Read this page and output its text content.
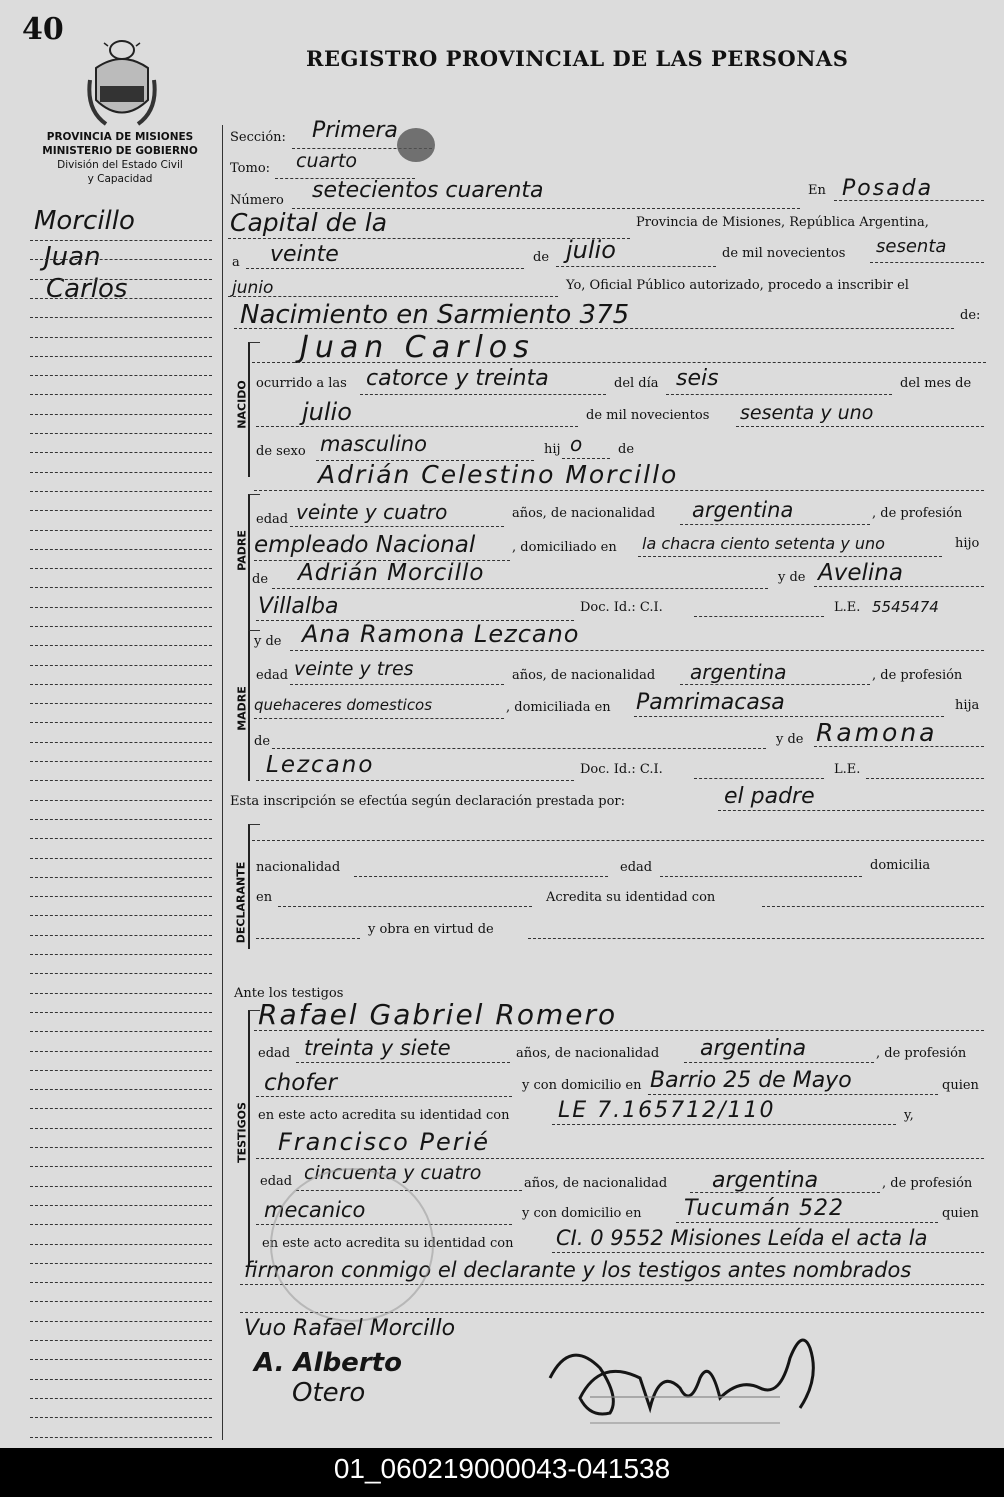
40
REGISTRO PROVINCIAL DE LAS PERSONAS
PROVINCIA DE MISIONES
MINISTERIO DE GOBIERNO
División del Estado Civil
y Capacidad
Morcillo
Juan
Carlos
Sección: Primera
Tomo: cuarto
Número setecientos cuarenta	En Posada
Capital de la	Provincia de Misiones, República Argentina,
a veinte	de julio	de mil novecientos sesenta
junio	Yo, Oficial Público autorizado, procedo a inscribir el
Nacimiento en Sarmiento 375	de:
NACIDO
Juan Carlos
ocurrido a las catorce y treinta	del día seis	del mes de
julio	de mil novecientos sesenta y uno
de sexo masculino	hij o	de
Adrián Celestino Morcillo
PADRE
edad veinte y cuatro	años, de nacionalidad argentina	, de profesión
empleado Nacional	, domiciliado en la chacra ciento setenta y uno	hijo
de Adrián Morcillo	y de Avelina
Villalba	Doc. Id.: C.I.	L.E. 5545474
MADRE
y de Ana Ramona Lezcano
edad veinte y tres	años, de nacionalidad argentina	, de profesión
quehaceres domesticos	, domiciliada en Pamrimacasa	hija
de	y de Ramona
Lezcano	Doc. Id.: C.I.	L.E.
Esta inscripción se efectúa según declaración prestada por:	el padre
DECLARANTE nacionalidad	edad	domicilia
en	Acredita su identidad con
y obra en virtud de
Ante los testigos
TESTIGOS
Rafael Gabriel Romero
edad treinta y siete	años, de nacionalidad argentina	, de profesión
chofer	y con domicilio en Barrio 25 de Mayo	quien
en este acto acredita su identidad con LE 7.165712/110	y,
Francisco Perié
edad cincuenta y cuatro	años, de nacionalidad argentina	, de profesión
mecanico	y con domicilio en Tucumán 522	quien
en este acto acredita su identidad con CI. 0 9552 Misiones Leída el acta la
firmaron conmigo el declarante y los testigos antes nombrados
Vuo Rafael Morcillo
A. Alberto
Otero
01_060219000043-041538
